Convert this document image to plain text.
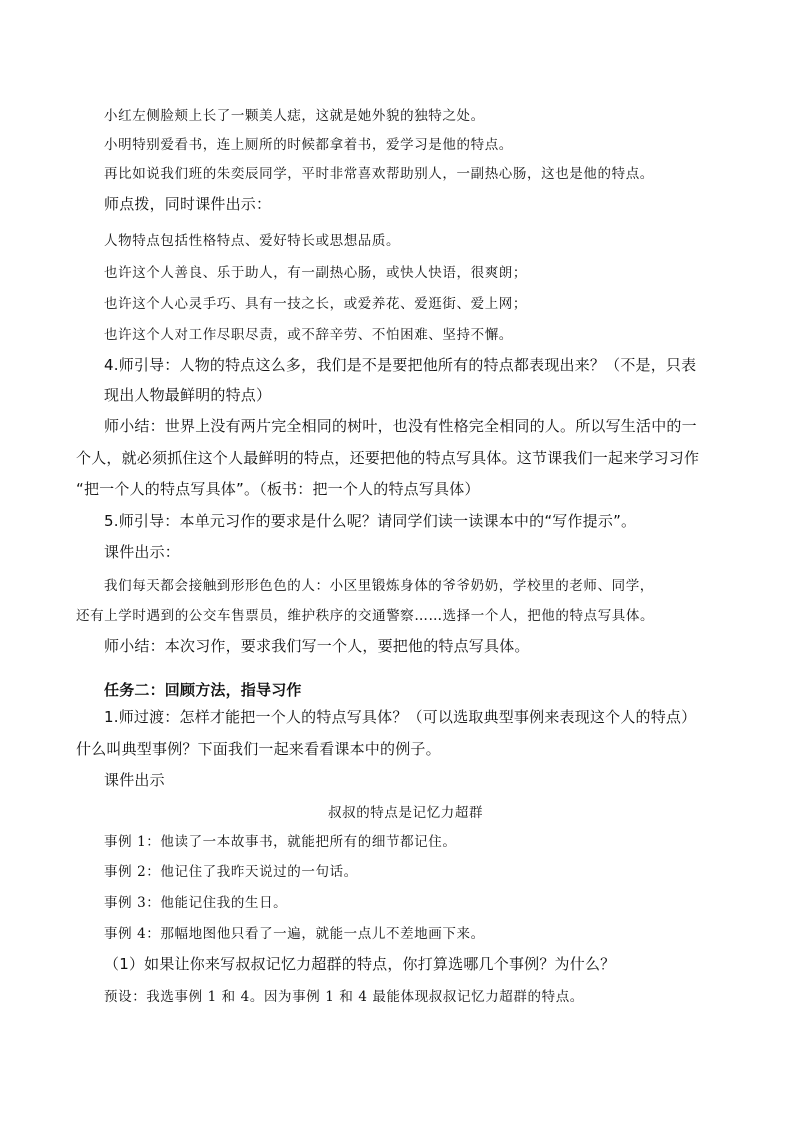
小红左侧脸颊上长了一颗美人痣，这就是她外貌的独特之处。
小明特别爱看书，连上厕所的时候都拿着书，爱学习是他的特点。
再比如说我们班的朱奕辰同学，平时非常喜欢帮助别人，一副热心肠，这也是他的特点。
师点拨，同时课件出示：
人物特点包括性格特点、爱好特长或思想品质。
也许这个人善良、乐于助人，有一副热心肠，或快人快语，很爽朗；
也许这个人心灵手巧、具有一技之长，或爱养花、爱逛街、爱上网；
也许这个人对工作尽职尽责，或不辞辛劳、不怕困难、坚持不懈。
4.师引导：人物的特点这么多，我们是不是要把他所有的特点都表现出来？（不是，只表
现出人物最鲜明的特点）
师小结：世界上没有两片完全相同的树叶，也没有性格完全相同的人。所以写生活中的一
个人，就必须抓住这个人最鲜明的特点，还要把他的特点写具体。这节课我们一起来学习习作
“把一个人的特点写具体”。（板书：把一个人的特点写具体）
5.师引导：本单元习作的要求是什么呢？请同学们读一读课本中的“写作提示”。
课件出示：
我们每天都会接触到形形色色的人：小区里锻炼身体的爷爷奶奶，学校里的老师、同学，
还有上学时遇到的公交车售票员，维护秩序的交通警察……选择一个人，把他的特点写具体。
师小结：本次习作，要求我们写一个人，要把他的特点写具体。
任务二：回顾方法，指导习作
1.师过渡：怎样才能把一个人的特点写具体？（可以选取典型事例来表现这个人的特点）
什么叫典型事例？下面我们一起来看看课本中的例子。
课件出示
叔叔的特点是记忆力超群
事例 1：他读了一本故事书，就能把所有的细节都记住。
事例 2：他记住了我昨天说过的一句话。
事例 3：他能记住我的生日。
事例 4：那幅地图他只看了一遍，就能一点儿不差地画下来。
（1）如果让你来写叔叔记忆力超群的特点，你打算选哪几个事例？为什么？
预设：我选事例 1 和 4。因为事例 1 和 4 最能体现叔叔记忆力超群的特点。
